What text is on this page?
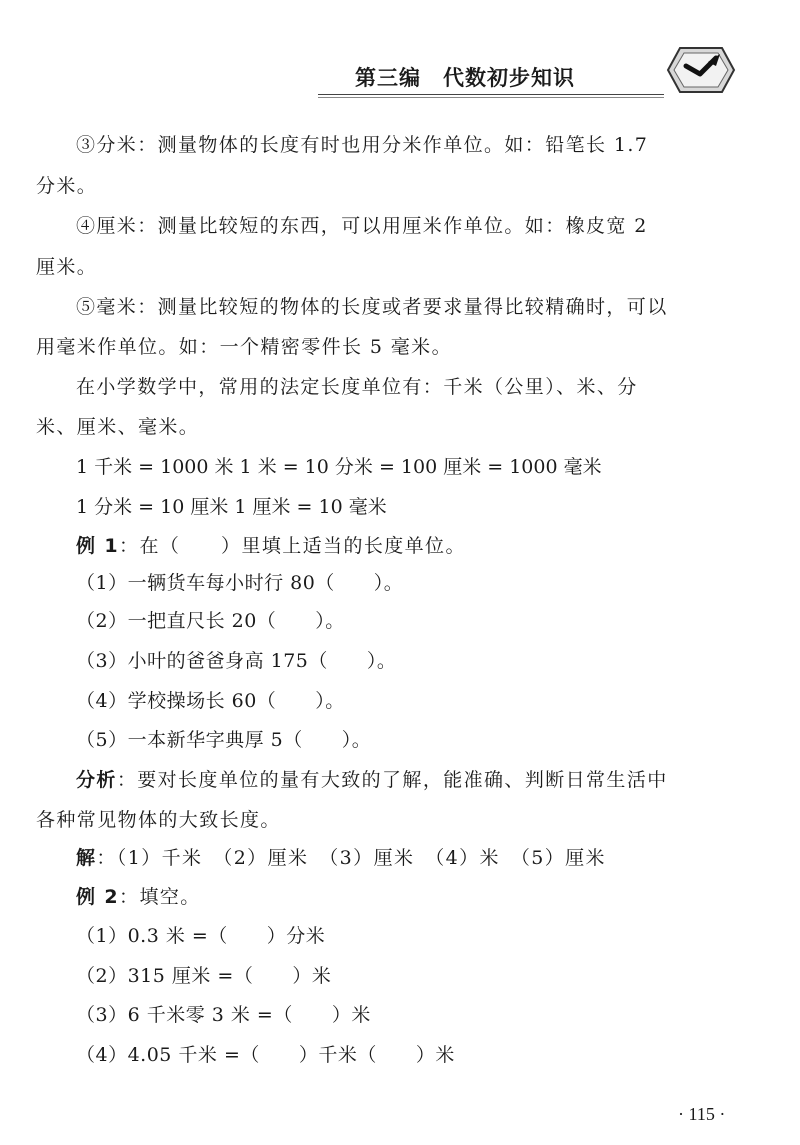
第三编　代数初步知识
③分米：测量物体的长度有时也用分米作单位。如：铅笔长 1.7
分米。
④厘米：测量比较短的东西，可以用厘米作单位。如：橡皮宽 2
厘米。
⑤毫米：测量比较短的物体的长度或者要求量得比较精确时，可以
用毫米作单位。如：一个精密零件长 5 毫米。
在小学数学中，常用的法定长度单位有：千米（公里）、米、分
米、厘米、毫米。
1 千米 = 1000 米 1 米 = 10 分米 = 100 厘米 = 1000 毫米
1 分米 = 10 厘米 1 厘米 = 10 毫米
例 1：在（　　）里填上适当的长度单位。
（1）一辆货车每小时行 80（　　）。
（2）一把直尺长 20（　　）。
（3）小叶的爸爸身高 175（　　）。
（4）学校操场长 60（　　）。
（5）一本新华字典厚 5（　　）。
分析：要对长度单位的量有大致的了解，能准确、判断日常生活中
各种常见物体的大致长度。
解：（1）千米　（2）厘米　（3）厘米　（4）米　（5）厘米
例 2：填空。
（1）0.3 米 =（　　）分米
（2）315 厘米 =（　　）米
（3）6 千米零 3 米 =（　　）米
（4）4.05 千米 =（　　）千米（　　）米
· 115 ·
